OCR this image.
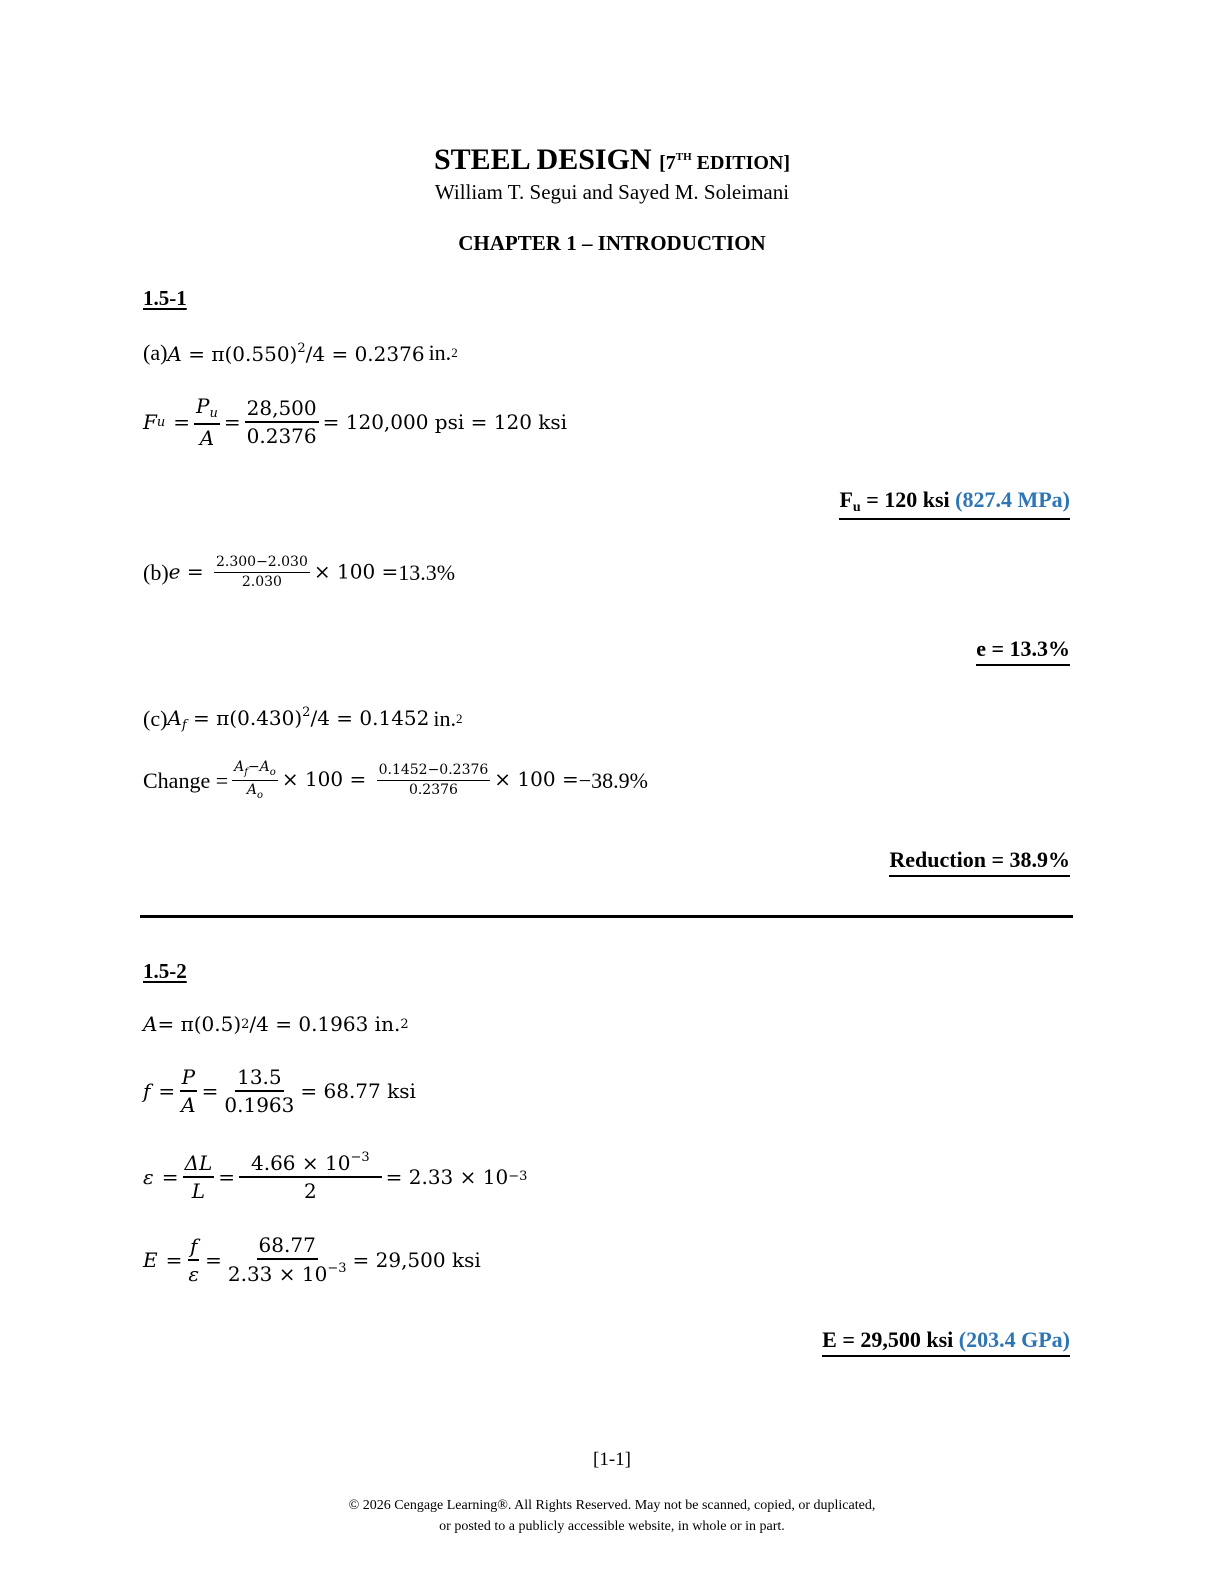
STEEL DESIGN [7TH EDITION]
William T. Segui and Sayed M. Soleimani
CHAPTER 1 – INTRODUCTION
1.5-1
(a) $A = \pi(0.550)^2/4 = 0.2376$ in. 2
F $u = \frac{P_u}{A} = \frac{28,500}{0.2376} = 120,000$ psi = 120 ksi
Fu = 120 ksi (827.4 MPa)
(b) $e = \frac{2.300-2.030}{2.030} \times 100 = 13.3\%$
e = 13.3%
(c) $A_f = \pi(0.430)^2/4 = 0.1452$ in. 2
Change = $\frac{A_f-A_o}{A_o} \times 100 = \frac{0.1452-0.2376}{0.2376} \times 100 = -38.9\%$
Reduction = 38.9%
1.5-2
A = π(0.5) 2 /4 = 0.1963 in. 2
$f = \frac{P}{A} = \frac{13.5}{0.1963} = 68.77$ ksi
$\varepsilon = \frac{\Delta L}{L} = \frac{4.66 \times 10^{-3}}{2} = 2.33 \times 10 -3$
$E = \frac{f}{\varepsilon} = \frac{68.77}{2.33 \times 10^{-3}} = 29,500$ ksi
E = 29,500 ksi (203.4 GPa)
[1-1]
© 2026 Cengage Learning®. All Rights Reserved. May not be scanned, copied, or duplicated,
or posted to a publicly accessible website, in whole or in part.
